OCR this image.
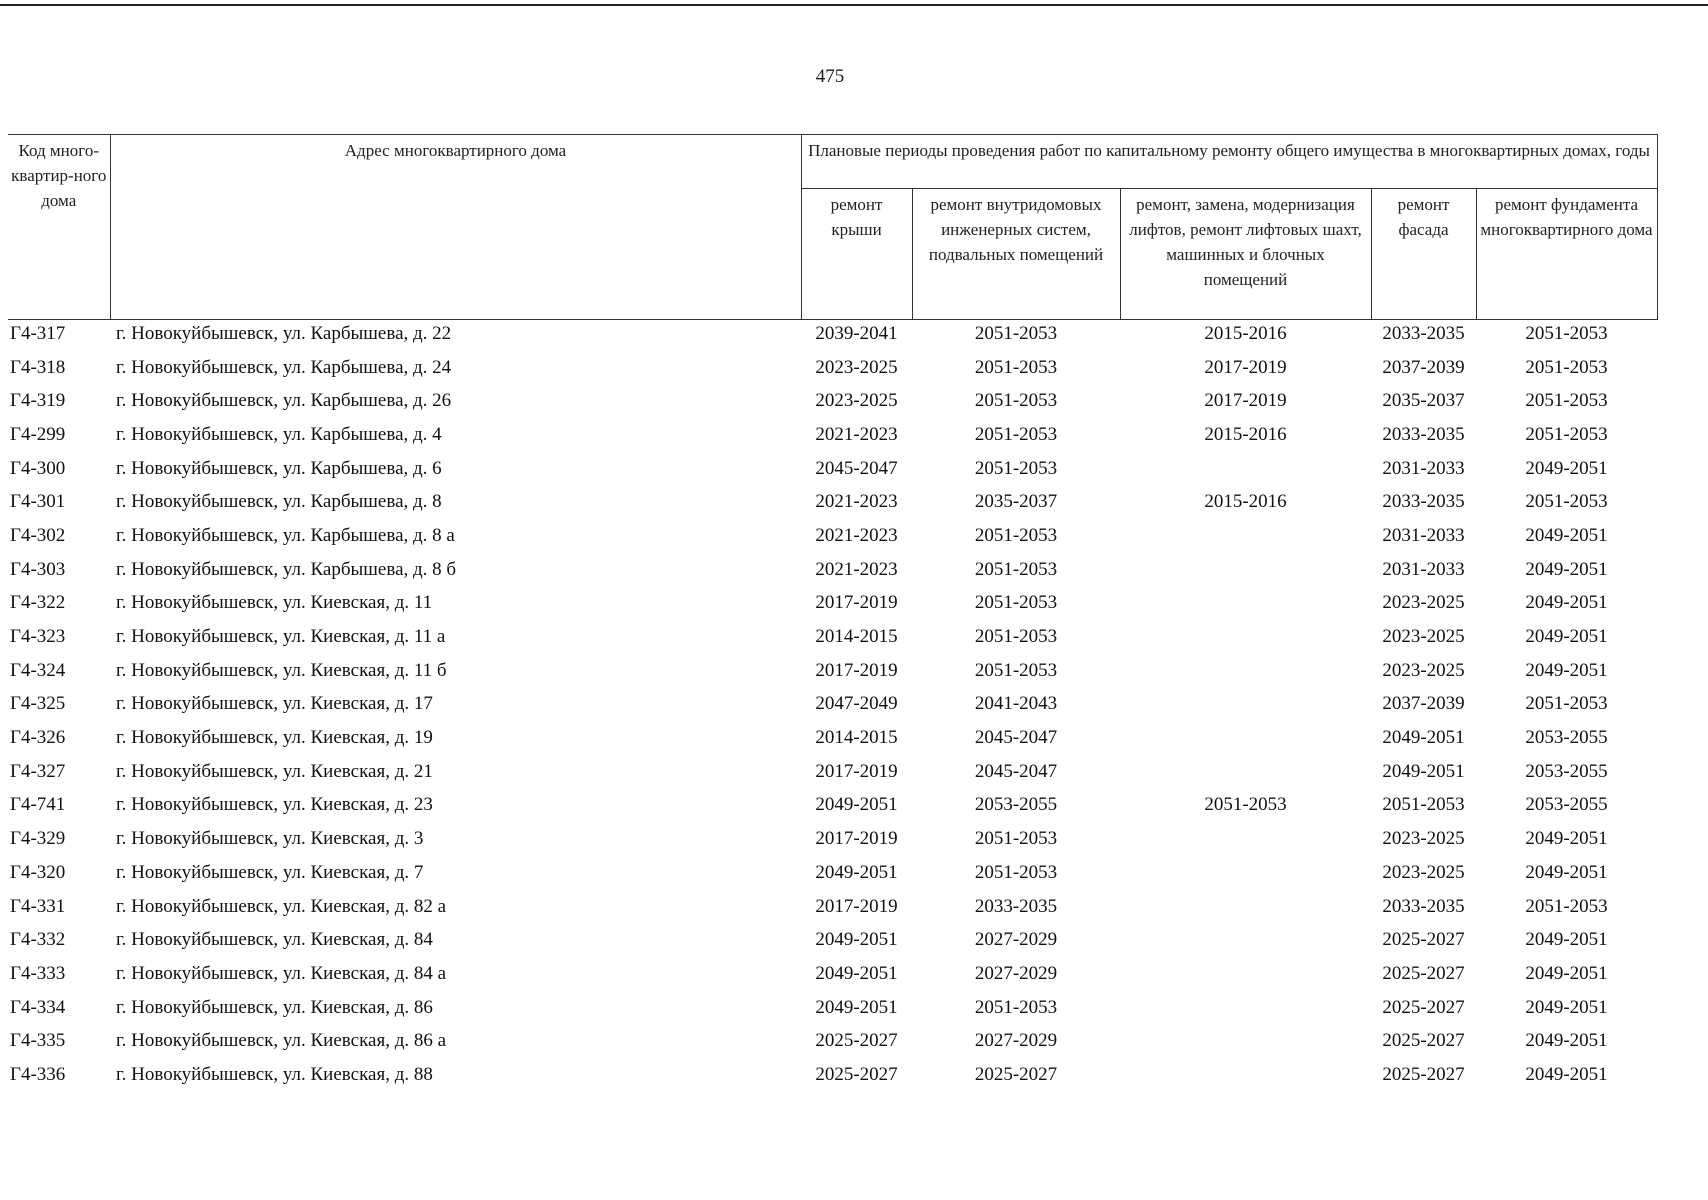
475
Код много-квартир-ного дома	Адрес многоквартирного дома	Плановые периоды проведения работ по капитальному ремонту общего имущества в многоквартирных домах, годы				
		ремонт крыши	ремонт внутридомовых инженерных систем, подвальных помещений	ремонт, замена, модернизация лифтов, ремонт лифтовых шахт, машинных и блочных помещений	ремонт фасада	ремонт фундамента многоквартирного дома
Г4-317	г. Новокуйбышевск, ул. Карбышева, д. 22	2039-2041	2051-2053	2015-2016	2033-2035	2051-2053
Г4-318	г. Новокуйбышевск, ул. Карбышева, д. 24	2023-2025	2051-2053	2017-2019	2037-2039	2051-2053
Г4-319	г. Новокуйбышевск, ул. Карбышева, д. 26	2023-2025	2051-2053	2017-2019	2035-2037	2051-2053
Г4-299	г. Новокуйбышевск, ул. Карбышева, д. 4	2021-2023	2051-2053	2015-2016	2033-2035	2051-2053
Г4-300	г. Новокуйбышевск, ул. Карбышева, д. 6	2045-2047	2051-2053		2031-2033	2049-2051
Г4-301	г. Новокуйбышевск, ул. Карбышева, д. 8	2021-2023	2035-2037	2015-2016	2033-2035	2051-2053
Г4-302	г. Новокуйбышевск, ул. Карбышева, д. 8 а	2021-2023	2051-2053		2031-2033	2049-2051
Г4-303	г. Новокуйбышевск, ул. Карбышева, д. 8 б	2021-2023	2051-2053		2031-2033	2049-2051
Г4-322	г. Новокуйбышевск, ул. Киевская, д. 11	2017-2019	2051-2053		2023-2025	2049-2051
Г4-323	г. Новокуйбышевск, ул. Киевская, д. 11 а	2014-2015	2051-2053		2023-2025	2049-2051
Г4-324	г. Новокуйбышевск, ул. Киевская, д. 11 б	2017-2019	2051-2053		2023-2025	2049-2051
Г4-325	г. Новокуйбышевск, ул. Киевская, д. 17	2047-2049	2041-2043		2037-2039	2051-2053
Г4-326	г. Новокуйбышевск, ул. Киевская, д. 19	2014-2015	2045-2047		2049-2051	2053-2055
Г4-327	г. Новокуйбышевск, ул. Киевская, д. 21	2017-2019	2045-2047		2049-2051	2053-2055
Г4-741	г. Новокуйбышевск, ул. Киевская, д. 23	2049-2051	2053-2055	2051-2053	2051-2053	2053-2055
Г4-329	г. Новокуйбышевск, ул. Киевская, д. 3	2017-2019	2051-2053		2023-2025	2049-2051
Г4-320	г. Новокуйбышевск, ул. Киевская, д. 7	2049-2051	2051-2053		2023-2025	2049-2051
Г4-331	г. Новокуйбышевск, ул. Киевская, д. 82 а	2017-2019	2033-2035		2033-2035	2051-2053
Г4-332	г. Новокуйбышевск, ул. Киевская, д. 84	2049-2051	2027-2029		2025-2027	2049-2051
Г4-333	г. Новокуйбышевск, ул. Киевская, д. 84 а	2049-2051	2027-2029		2025-2027	2049-2051
Г4-334	г. Новокуйбышевск, ул. Киевская, д. 86	2049-2051	2051-2053		2025-2027	2049-2051
Г4-335	г. Новокуйбышевск, ул. Киевская, д. 86 а	2025-2027	2027-2029		2025-2027	2049-2051
Г4-336	г. Новокуйбышевск, ул. Киевская, д. 88	2025-2027	2025-2027		2025-2027	2049-2051
